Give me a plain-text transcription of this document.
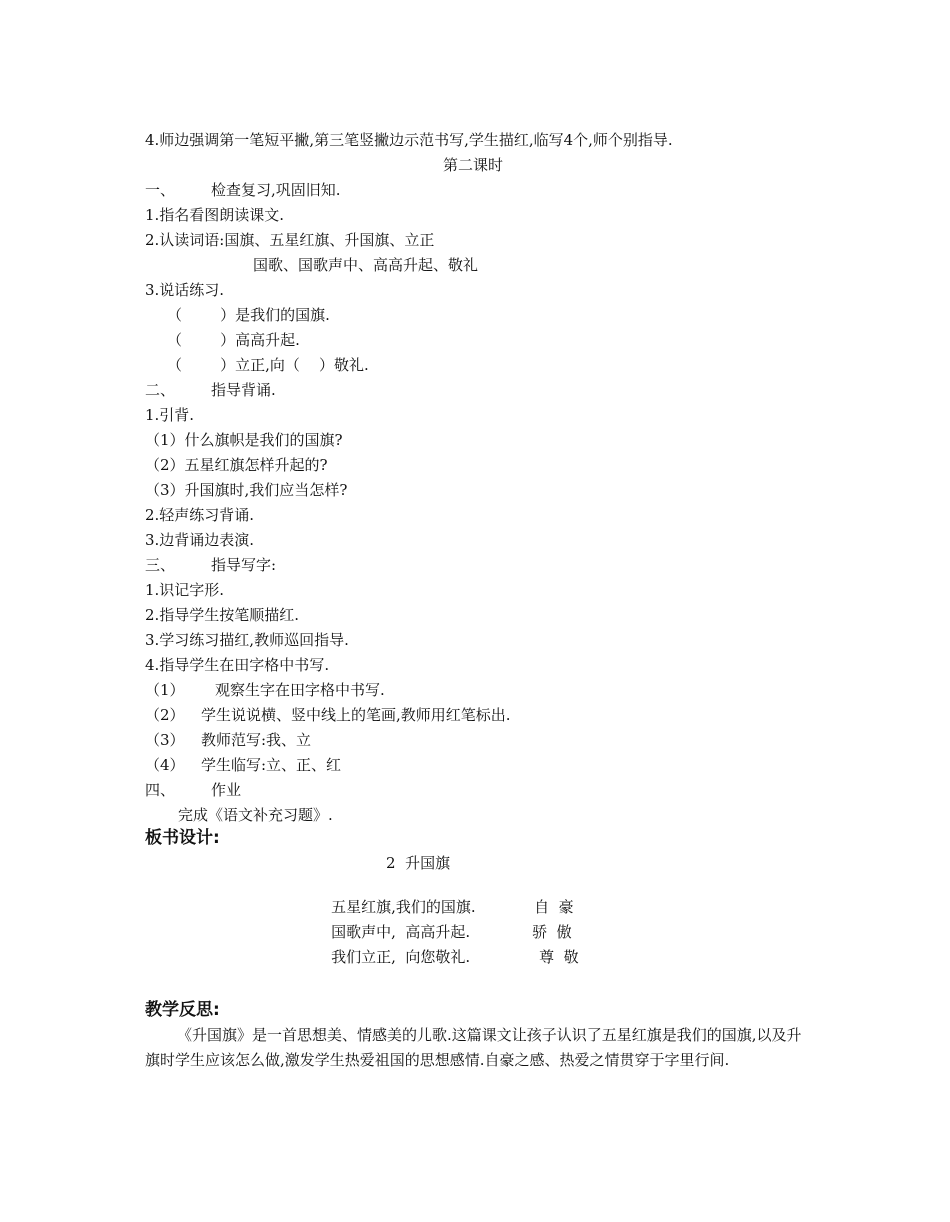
4.师边强调第一笔短平撇,第三笔竖撇边示范书写,学生描红,临写4个,师个别指导.
第二课时
一、 检查复习,巩固旧知.
1.指名看图朗读课文.
2.认读词语:国旗、五星红旗、升国旗、立正
国歌、国歌声中、高高升起、敬礼
3.说话练习.
（        ）是我们的国旗.
（        ）高高升起.
（        ）立正,向（    ）敬礼.
二、 指导背诵.
1.引背.
（1）什么旗帜是我们的国旗?
（2）五星红旗怎样升起的?
（3）升国旗时,我们应当怎样?
2.轻声练习背诵.
3.边背诵边表演.
三、 指导写字:
1.识记字形.
2.指导学生按笔顺描红.
3.学习练习描红,教师巡回指导.
4.指导学生在田字格中书写.
（1） 观察生字在田字格中书写.
（2） 学生说说横、竖中线上的笔画,教师用红笔标出.
（3） 教师范写:我、立
（4） 学生临写:立、正、红
四、 作业
完成《语文补充习题》.
板书设计:
2  升国旗

五星红旗,我们的国旗.	自  豪

国歌声中,  高高升起.	骄  傲

我们立正,  向您敬礼.	尊  敬

教学反思:
《升国旗》是一首思想美、情感美的儿歌.这篇课文让孩子认识了五星红旗是我们的国旗,以及升旗时学生应该怎么做,激发学生热爱祖国的思想感情.自豪之感、热爱之情贯穿于字里行间.
